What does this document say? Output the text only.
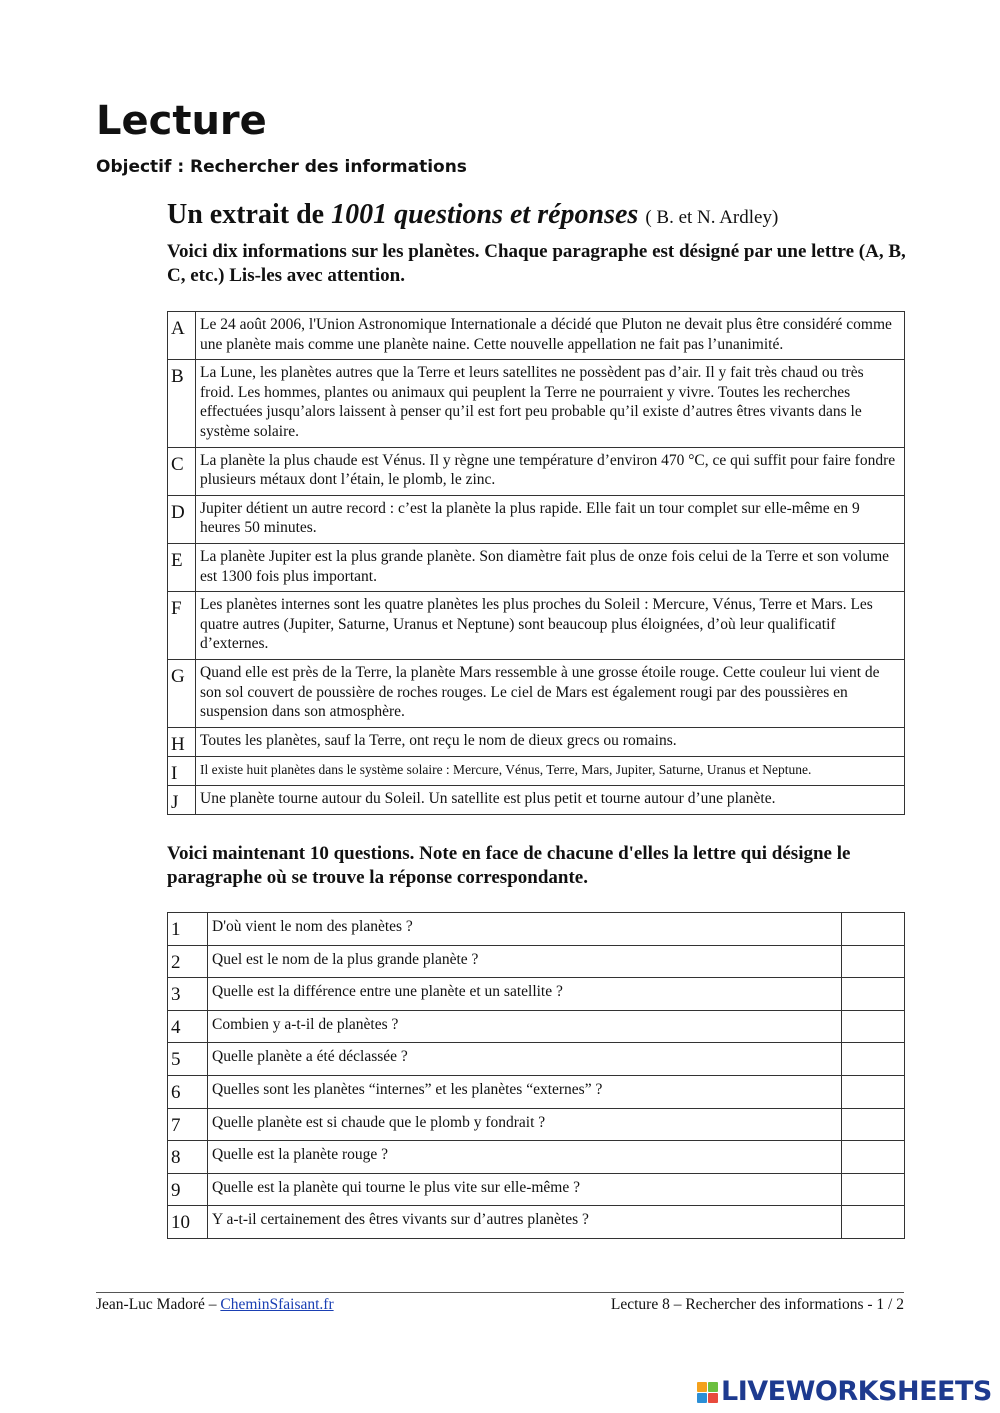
Lecture
Objectif : Rechercher des informations
Un extrait de 1001 questions et réponses ( B. et N. Ardley)
Voici dix informations sur les planètes. Chaque paragraphe est désigné par une lettre (A, B, C, etc.) Lis-les avec attention.
A	Le 24 août 2006, l'Union Astronomique Internationale a décidé que Pluton ne devait plus être considéré comme une planète mais comme une planète naine. Cette nouvelle appellation ne fait pas l’unanimité.
B	La Lune, les planètes autres que la Terre et leurs satellites ne possèdent pas d’air. Il y fait très chaud ou très froid. Les hommes, plantes ou animaux qui peuplent la Terre ne pourraient y vivre. Toutes les recherches effectuées jusqu’alors laissent à penser qu’il est fort peu probable qu’il existe d’autres êtres vivants dans le système solaire.
C	La planète la plus chaude est Vénus. Il y règne une température d’environ 470 °C, ce qui suffit pour faire fondre plusieurs métaux dont l’étain, le plomb, le zinc.
D	Jupiter détient un autre record : c’est la planète la plus rapide. Elle fait un tour complet sur elle-même en 9 heures 50 minutes.
E	La planète Jupiter est la plus grande planète. Son diamètre fait plus de onze fois celui de la Terre et son volume est 1300 fois plus important.
F	Les planètes internes sont les quatre planètes les plus proches du Soleil : Mercure, Vénus, Terre et Mars. Les quatre autres (Jupiter, Saturne, Uranus et Neptune) sont beaucoup plus éloignées, d’où leur qualificatif d’externes.
G	Quand elle est près de la Terre, la planète Mars ressemble à une grosse étoile rouge. Cette couleur lui vient de son sol couvert de poussière de roches rouges. Le ciel de Mars est également rougi par des poussières en suspension dans son atmosphère.
H	Toutes les planètes, sauf la Terre, ont reçu le nom de dieux grecs ou romains.
I	Il existe huit planètes dans le système solaire : Mercure, Vénus, Terre, Mars, Jupiter, Saturne, Uranus et Neptune.
J	Une planète tourne autour du Soleil. Un satellite est plus petit et tourne autour d’une planète.
Voici maintenant 10 questions. Note en face de chacune d'elles la lettre qui désigne le paragraphe où se trouve la réponse correspondante.
1	D'où vient le nom des planètes ?	
2	Quel est le nom de la plus grande planète ?	
3	Quelle est la différence entre une planète et un satellite ?	
4	Combien y a-t-il de planètes ?	
5	Quelle planète a été déclassée ?	
6	Quelles sont les planètes “internes” et les planètes “externes” ?	
7	Quelle planète est si chaude que le plomb y fondrait ?	
8	Quelle est la planète rouge ?	
9	Quelle est la planète qui tourne le plus vite sur elle-même ?	
10	Y a-t-il certainement des êtres vivants sur d’autres planètes ?	
Jean-Luc Madoré – CheminSfaisant.fr	Lecture 8 – Rechercher des informations - 1 / 2
LIVEWORKSHEETS
